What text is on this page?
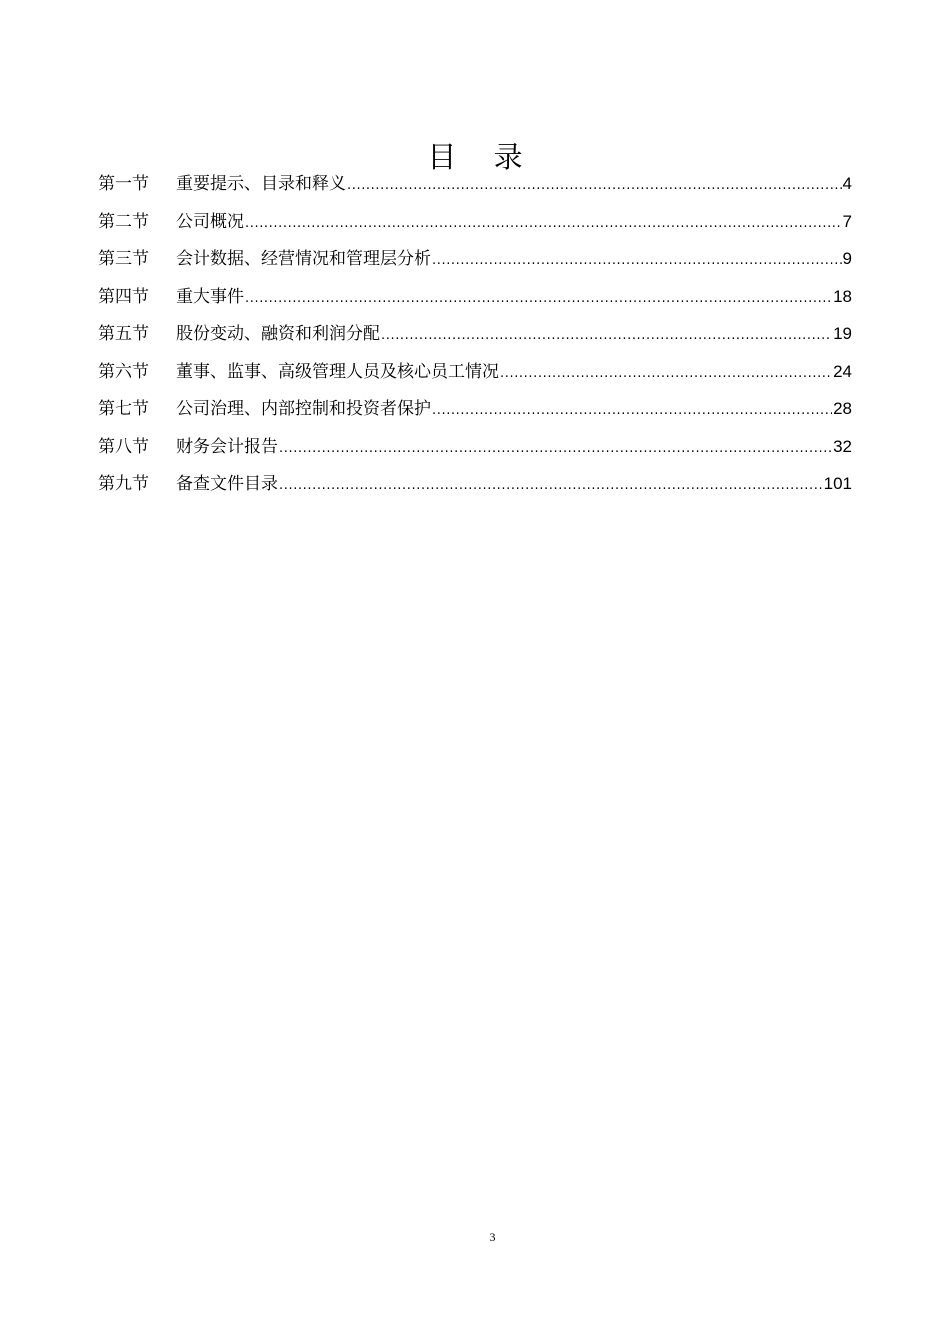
目 录
第一节	重要提示、目录和释义 .....	4
第二节	公司概况 .....	7
第三节	会计数据、经营情况和管理层分析 .....	9
第四节	重大事件 .....	18
第五节	股份变动、融资和利润分配 .....	19
第六节	董事、监事、高级管理人员及核心员工情况 .....	24
第七节	公司治理、内部控制和投资者保护 .....	28
第八节	财务会计报告 .....	32
第九节	备查文件目录 .....	101
3
